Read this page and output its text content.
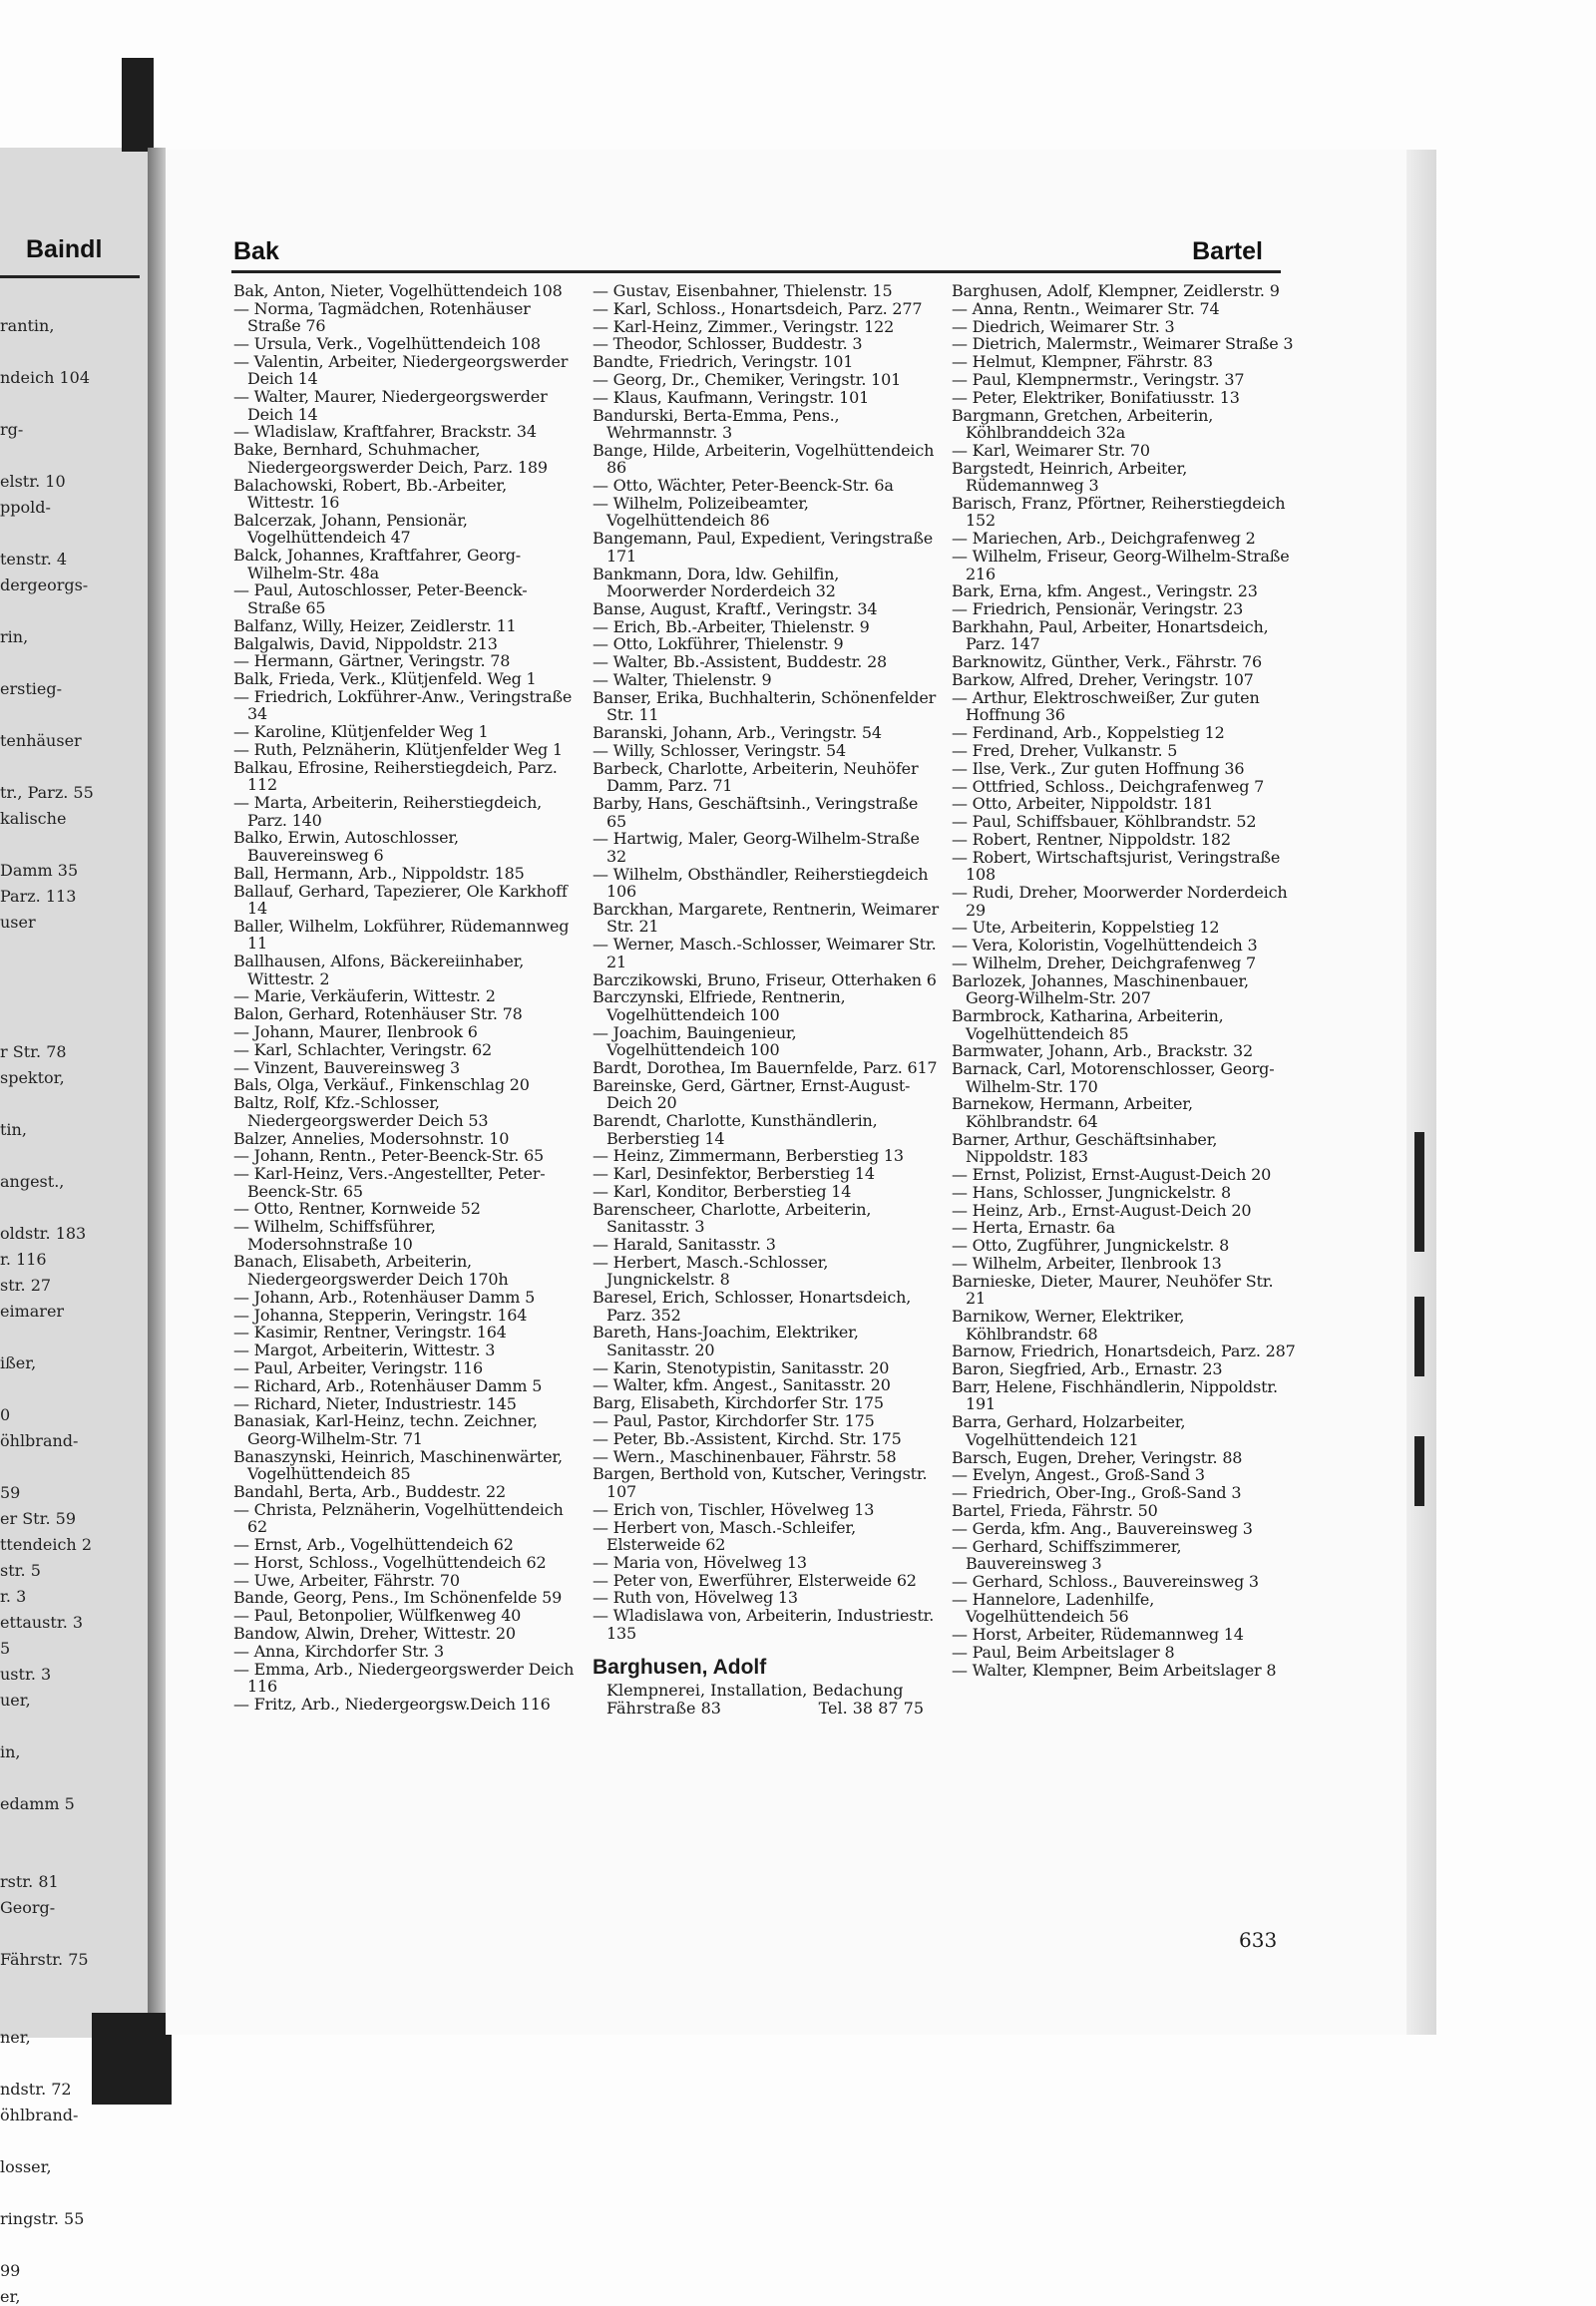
Baindl
rantin,
ndeich 104
rg-
elstr. 10
ppold-
tenstr. 4
dergeorgs-
rin,
erstieg-
tenhäuser
tr., Parz. 55
kalische
Damm 35
Parz. 113
user
r Str. 78
spektor,
tin,
angest.,
oldstr. 183
r. 116
str. 27
eimarer
ißer,
0
öhlbrand-
59
er Str. 59
ttendeich 2
str. 5
r. 3
ettaustr. 3
5
ustr. 3
uer,
in,
edamm 5
rstr. 81
Georg-
Fährstr. 75
ner,
ndstr. 72
öhlbrand-
losser,
ringstr. 55
99
er,
Bak	Bartel
Bak, Anton, Nieter, Vogelhüttendeich 108
— Norma, Tagmädchen, Rotenhäuser Straße 76
— Ursula, Verk., Vogelhüttendeich 108
— Valentin, Arbeiter, Niedergeorgswerder Deich 14
— Walter, Maurer, Niedergeorgswerder Deich 14
— Wladislaw, Kraftfahrer, Brackstr. 34
Bake, Bernhard, Schuhmacher, Niedergeorgswerder Deich, Parz. 189
Balachowski, Robert, Bb.-Arbeiter, Wittestr. 16
Balcerzak, Johann, Pensionär, Vogelhüttendeich 47
Balck, Johannes, Kraftfahrer, Georg-Wilhelm-Str. 48a
— Paul, Autoschlosser, Peter-Beenck-Straße 65
Balfanz, Willy, Heizer, Zeidlerstr. 11
Balgalwis, David, Nippoldstr. 213
— Hermann, Gärtner, Veringstr. 78
Balk, Frieda, Verk., Klütjenfeld. Weg 1
— Friedrich, Lokführer-Anw., Veringstraße 34
— Karoline, Klütjenfelder Weg 1
— Ruth, Pelznäherin, Klütjenfelder Weg 1
Balkau, Efrosine, Reiherstiegdeich, Parz. 112
— Marta, Arbeiterin, Reiherstiegdeich, Parz. 140
Balko, Erwin, Autoschlosser, Bauvereinsweg 6
Ball, Hermann, Arb., Nippoldstr. 185
Ballauf, Gerhard, Tapezierer, Ole Karkhoff 14
Baller, Wilhelm, Lokführer, Rüdemannweg 11
Ballhausen, Alfons, Bäckereiinhaber, Wittestr. 2
— Marie, Verkäuferin, Wittestr. 2
Balon, Gerhard, Rotenhäuser Str. 78
— Johann, Maurer, Ilenbrook 6
— Karl, Schlachter, Veringstr. 62
— Vinzent, Bauvereinsweg 3
Bals, Olga, Verkäuf., Finkenschlag 20
Baltz, Rolf, Kfz.-Schlosser, Niedergeorgswerder Deich 53
Balzer, Annelies, Modersohnstr. 10
— Johann, Rentn., Peter-Beenck-Str. 65
— Karl-Heinz, Vers.-Angestellter, Peter-Beenck-Str. 65
— Otto, Rentner, Kornweide 52
— Wilhelm, Schiffsführer, Modersohnstraße 10
Banach, Elisabeth, Arbeiterin, Niedergeorgswerder Deich 170h
— Johann, Arb., Rotenhäuser Damm 5
— Johanna, Stepperin, Veringstr. 164
— Kasimir, Rentner, Veringstr. 164
— Margot, Arbeiterin, Wittestr. 3
— Paul, Arbeiter, Veringstr. 116
— Richard, Arb., Rotenhäuser Damm 5
— Richard, Nieter, Industriestr. 145
Banasiak, Karl-Heinz, techn. Zeichner, Georg-Wilhelm-Str. 71
Banaszynski, Heinrich, Maschinenwärter, Vogelhüttendeich 85
Bandahl, Berta, Arb., Buddestr. 22
— Christa, Pelznäherin, Vogelhüttendeich 62
— Ernst, Arb., Vogelhüttendeich 62
— Horst, Schloss., Vogelhüttendeich 62
— Uwe, Arbeiter, Fährstr. 70
Bande, Georg, Pens., Im Schönenfelde 59
— Paul, Betonpolier, Wülfkenweg 40
Bandow, Alwin, Dreher, Wittestr. 20
— Anna, Kirchdorfer Str. 3
— Emma, Arb., Niedergeorgswerder Deich 116
— Fritz, Arb., Niedergeorgsw.Deich 116
— Gustav, Eisenbahner, Thielenstr. 15
— Karl, Schloss., Honartsdeich, Parz. 277
— Karl-Heinz, Zimmer., Veringstr. 122
— Theodor, Schlosser, Buddestr. 3
Bandte, Friedrich, Veringstr. 101
— Georg, Dr., Chemiker, Veringstr. 101
— Klaus, Kaufmann, Veringstr. 101
Bandurski, Berta-Emma, Pens., Wehrmannstr. 3
Bange, Hilde, Arbeiterin, Vogelhüttendeich 86
— Otto, Wächter, Peter-Beenck-Str. 6a
— Wilhelm, Polizeibeamter, Vogelhüttendeich 86
Bangemann, Paul, Expedient, Veringstraße 171
Bankmann, Dora, ldw. Gehilfin, Moorwerder Norderdeich 32
Banse, August, Kraftf., Veringstr. 34
— Erich, Bb.-Arbeiter, Thielenstr. 9
— Otto, Lokführer, Thielenstr. 9
— Walter, Bb.-Assistent, Buddestr. 28
— Walter, Thielenstr. 9
Banser, Erika, Buchhalterin, Schönenfelder Str. 11
Baranski, Johann, Arb., Veringstr. 54
— Willy, Schlosser, Veringstr. 54
Barbeck, Charlotte, Arbeiterin, Neuhöfer Damm, Parz. 71
Barby, Hans, Geschäftsinh., Veringstraße 65
— Hartwig, Maler, Georg-Wilhelm-Straße 32
— Wilhelm, Obsthändler, Reiherstiegdeich 106
Barckhan, Margarete, Rentnerin, Weimarer Str. 21
— Werner, Masch.-Schlosser, Weimarer Str. 21
Barczikowski, Bruno, Friseur, Otterhaken 6
Barczynski, Elfriede, Rentnerin, Vogelhüttendeich 100
— Joachim, Bauingenieur, Vogelhüttendeich 100
Bardt, Dorothea, Im Bauernfelde, Parz. 617
Bareinske, Gerd, Gärtner, Ernst-August-Deich 20
Barendt, Charlotte, Kunsthändlerin, Berberstieg 14
— Heinz, Zimmermann, Berberstieg 13
— Karl, Desinfektor, Berberstieg 14
— Karl, Konditor, Berberstieg 14
Barenscheer, Charlotte, Arbeiterin, Sanitasstr. 3
— Harald, Sanitasstr. 3
— Herbert, Masch.-Schlosser, Jungnickelstr. 8
Baresel, Erich, Schlosser, Honartsdeich, Parz. 352
Bareth, Hans-Joachim, Elektriker, Sanitasstr. 20
— Karin, Stenotypistin, Sanitasstr. 20
— Walter, kfm. Angest., Sanitasstr. 20
Barg, Elisabeth, Kirchdorfer Str. 175
— Paul, Pastor, Kirchdorfer Str. 175
— Peter, Bb.-Assistent, Kirchd. Str. 175
— Wern., Maschinenbauer, Fährstr. 58
Bargen, Berthold von, Kutscher, Veringstr. 107
— Erich von, Tischler, Hövelweg 13
— Herbert von, Masch.-Schleifer, Elsterweide 62
— Maria von, Hövelweg 13
— Peter von, Ewerführer, Elsterweide 62
— Ruth von, Hövelweg 13
— Wladislawa von, Arbeiterin, Industriestr. 135
Barghusen, Adolf
Klempnerei, Installation, Bedachung
Fährstraße 83	Tel. 38 87 75
Barghusen, Adolf, Klempner, Zeidlerstr. 9
— Anna, Rentn., Weimarer Str. 74
— Diedrich, Weimarer Str. 3
— Dietrich, Malermstr., Weimarer Straße 3
— Helmut, Klempner, Fährstr. 83
— Paul, Klempnermstr., Veringstr. 37
— Peter, Elektriker, Bonifatiusstr. 13
Bargmann, Gretchen, Arbeiterin, Köhlbranddeich 32a
— Karl, Weimarer Str. 70
Bargstedt, Heinrich, Arbeiter, Rüdemannweg 3
Barisch, Franz, Pförtner, Reiherstiegdeich 152
— Mariechen, Arb., Deichgrafenweg 2
— Wilhelm, Friseur, Georg-Wilhelm-Straße 216
Bark, Erna, kfm. Angest., Veringstr. 23
— Friedrich, Pensionär, Veringstr. 23
Barkhahn, Paul, Arbeiter, Honartsdeich, Parz. 147
Barknowitz, Günther, Verk., Fährstr. 76
Barkow, Alfred, Dreher, Veringstr. 107
— Arthur, Elektroschweißer, Zur guten Hoffnung 36
— Ferdinand, Arb., Koppelstieg 12
— Fred, Dreher, Vulkanstr. 5
— Ilse, Verk., Zur guten Hoffnung 36
— Ottfried, Schloss., Deichgrafenweg 7
— Otto, Arbeiter, Nippoldstr. 181
— Paul, Schiffsbauer, Köhlbrandstr. 52
— Robert, Rentner, Nippoldstr. 182
— Robert, Wirtschaftsjurist, Veringstraße 108
— Rudi, Dreher, Moorwerder Norderdeich 29
— Ute, Arbeiterin, Koppelstieg 12
— Vera, Koloristin, Vogelhüttendeich 3
— Wilhelm, Dreher, Deichgrafenweg 7
Barlozek, Johannes, Maschinenbauer, Georg-Wilhelm-Str. 207
Barmbrock, Katharina, Arbeiterin, Vogelhüttendeich 85
Barmwater, Johann, Arb., Brackstr. 32
Barnack, Carl, Motorenschlosser, Georg-Wilhelm-Str. 170
Barnekow, Hermann, Arbeiter, Köhlbrandstr. 64
Barner, Arthur, Geschäftsinhaber, Nippoldstr. 183
— Ernst, Polizist, Ernst-August-Deich 20
— Hans, Schlosser, Jungnickelstr. 8
— Heinz, Arb., Ernst-August-Deich 20
— Herta, Ernastr. 6a
— Otto, Zugführer, Jungnickelstr. 8
— Wilhelm, Arbeiter, Ilenbrook 13
Barnieske, Dieter, Maurer, Neuhöfer Str. 21
Barnikow, Werner, Elektriker, Köhlbrandstr. 68
Barnow, Friedrich, Honartsdeich, Parz. 287
Baron, Siegfried, Arb., Ernastr. 23
Barr, Helene, Fischhändlerin, Nippoldstr. 191
Barra, Gerhard, Holzarbeiter, Vogelhüttendeich 121
Barsch, Eugen, Dreher, Veringstr. 88
— Evelyn, Angest., Groß-Sand 3
— Friedrich, Ober-Ing., Groß-Sand 3
Bartel, Frieda, Fährstr. 50
— Gerda, kfm. Ang., Bauvereinsweg 3
— Gerhard, Schiffszimmerer, Bauvereinsweg 3
— Gerhard, Schloss., Bauvereinsweg 3
— Hannelore, Ladenhilfe, Vogelhüttendeich 56
— Horst, Arbeiter, Rüdemannweg 14
— Paul, Beim Arbeitslager 8
— Walter, Klempner, Beim Arbeitslager 8
633
